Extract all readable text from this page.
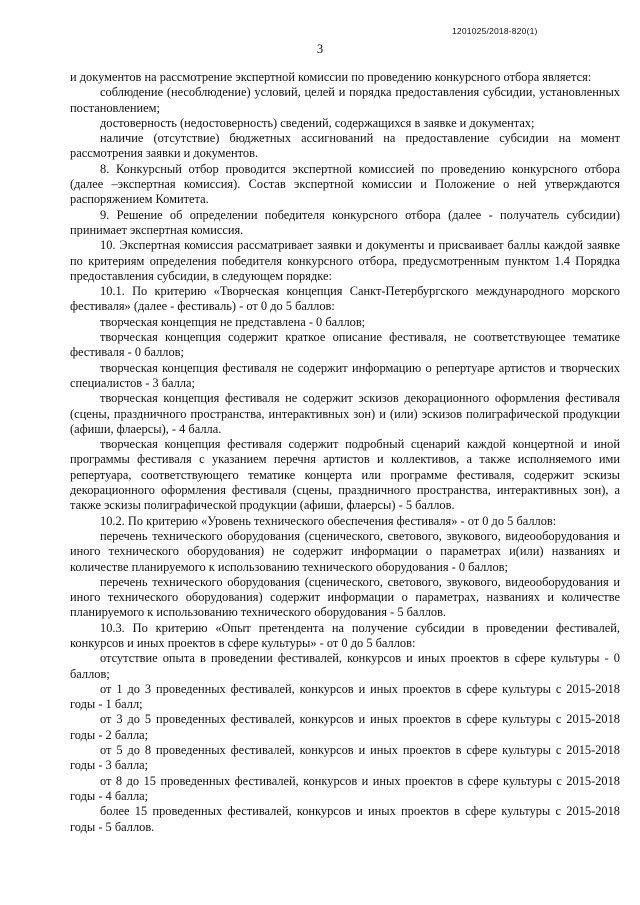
1201025/2018-820(1)
3

и документов на рассмотрение экспертной комиссии по проведению конкурсного отбора является:

соблюдение (несоблюдение) условий, целей и порядка предоставления субсидии, установленных постановлением;

достоверность (недостоверность) сведений, содержащихся в заявке и документах;

наличие (отсутствие) бюджетных ассигнований на предоставление субсидии на момент рассмотрения заявки и документов.

8. Конкурсный отбор проводится экспертной комиссией по проведению конкурсного отбора (далее –экспертная комиссия). Состав экспертной комиссии и Положение о ней утверждаются распоряжением Комитета.

9. Решение об определении победителя конкурсного отбора (далее - получатель субсидии) принимает экспертная комиссия.

10. Экспертная комиссия рассматривает заявки и документы и присваивает баллы каждой заявке по критериям определения победителя конкурсного отбора, предусмотренным пунктом 1.4 Порядка предоставления субсидии, в следующем порядке:

10.1. По критерию «Творческая концепция Санкт-Петербургского международного морского фестиваля» (далее - фестиваль) - от 0 до 5 баллов:

творческая концепция не представлена - 0 баллов;

творческая концепция содержит краткое описание фестиваля, не соответствующее тематике фестиваля - 0 баллов;

творческая концепция фестиваля не содержит информацию о репертуаре артистов и творческих специалистов - 3 балла;

творческая концепция фестиваля не содержит эскизов декорационного оформления фестиваля (сцены, праздничного пространства, интерактивных зон) и (или) эскизов полиграфической продукции (афиши, флаерсы), - 4 балла.

творческая концепция фестиваля содержит подробный сценарий каждой концертной и иной программы фестиваля с указанием перечня артистов и коллективов, а также исполняемого ими репертуара, соответствующего тематике концерта или программе фестиваля, содержит эскизы декорационного оформления фестиваля (сцены, праздничного пространства, интерактивных зон), а также эскизы полиграфической продукции (афиши, флаерсы) - 5 баллов.

10.2. По критерию «Уровень технического обеспечения фестиваля» - от 0 до 5 баллов:

перечень технического оборудования (сценического, светового, звукового, видеооборудования и иного технического оборудования) не содержит информации о параметрах и(или) названиях и количестве планируемого к использованию технического оборудования - 0 баллов;

перечень технического оборудования (сценического, светового, звукового, видеооборудования и иного технического оборудования) содержит информации о параметрах, названиях и количестве планируемого к использованию технического оборудования - 5 баллов.

10.3. По критерию «Опыт претендента на получение субсидии в проведении фестивалей, конкурсов и иных проектов в сфере культуры» - от 0 до 5 баллов:

отсутствие опыта в проведении фестивалей, конкурсов и иных проектов в сфере культуры - 0 баллов;

от 1 до 3 проведенных фестивалей, конкурсов и иных проектов в сфере культуры с 2015-2018 годы - 1 балл;

от 3 до 5 проведенных фестивалей, конкурсов и иных проектов в сфере культуры с 2015-2018 годы - 2 балла;

от 5 до 8 проведенных фестивалей, конкурсов и иных проектов в сфере культуры с 2015-2018 годы - 3 балла;

от 8 до 15 проведенных фестивалей, конкурсов и иных проектов в сфере культуры с 2015-2018 годы - 4 балла;

более 15 проведенных фестивалей, конкурсов и иных проектов в сфере культуры с 2015-2018 годы - 5 баллов.
